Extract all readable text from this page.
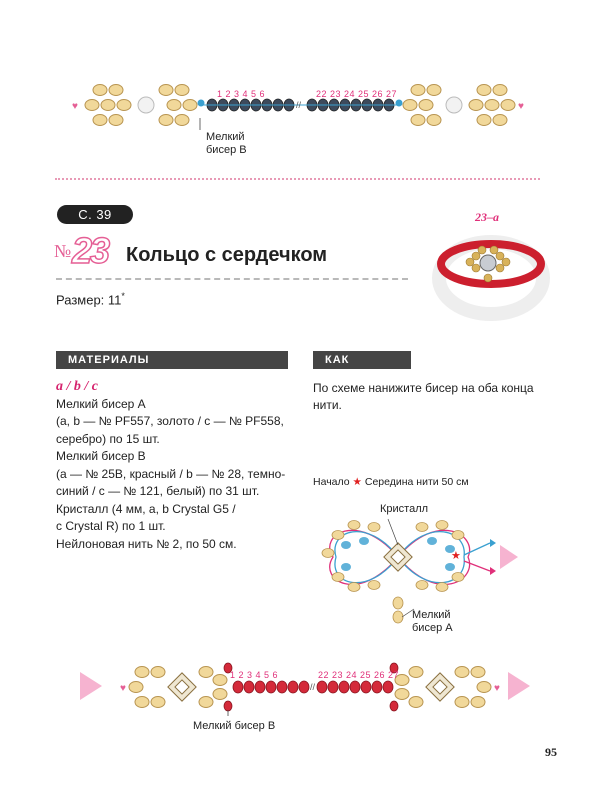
♥	♥
//
1 2 3 4 5 6	22 23 24 25 26 27
Мелкий бисер B
С. 39
№ 23 Кольцо с сердечком
Размер: 11*
23–a
МАТЕРИАЛЫ
a / b / c
Мелкий бисер A
(a, b — № PF557, золото / c — № PF558,
серебро) по 15 шт.
Мелкий бисер B
(a — № 25B, красный / b — № 28, темно-
синий / c — № 121, белый) по 31 шт.
Кристалл (4 мм, a, b Crystal G5 /
c Crystal R) по 1 шт.
Нейлоновая нить № 2, по 50 см.
КАК СДЕЛАТЬ
По схеме нанижите бисер на оба конца нити.
Начало ★ Середина нити 50 см
★
Кристалл
Мелкий бисер A
♥	♥
//
1 2 3 4 5 6	22 23 24 25 26 27
Мелкий бисер B
95
